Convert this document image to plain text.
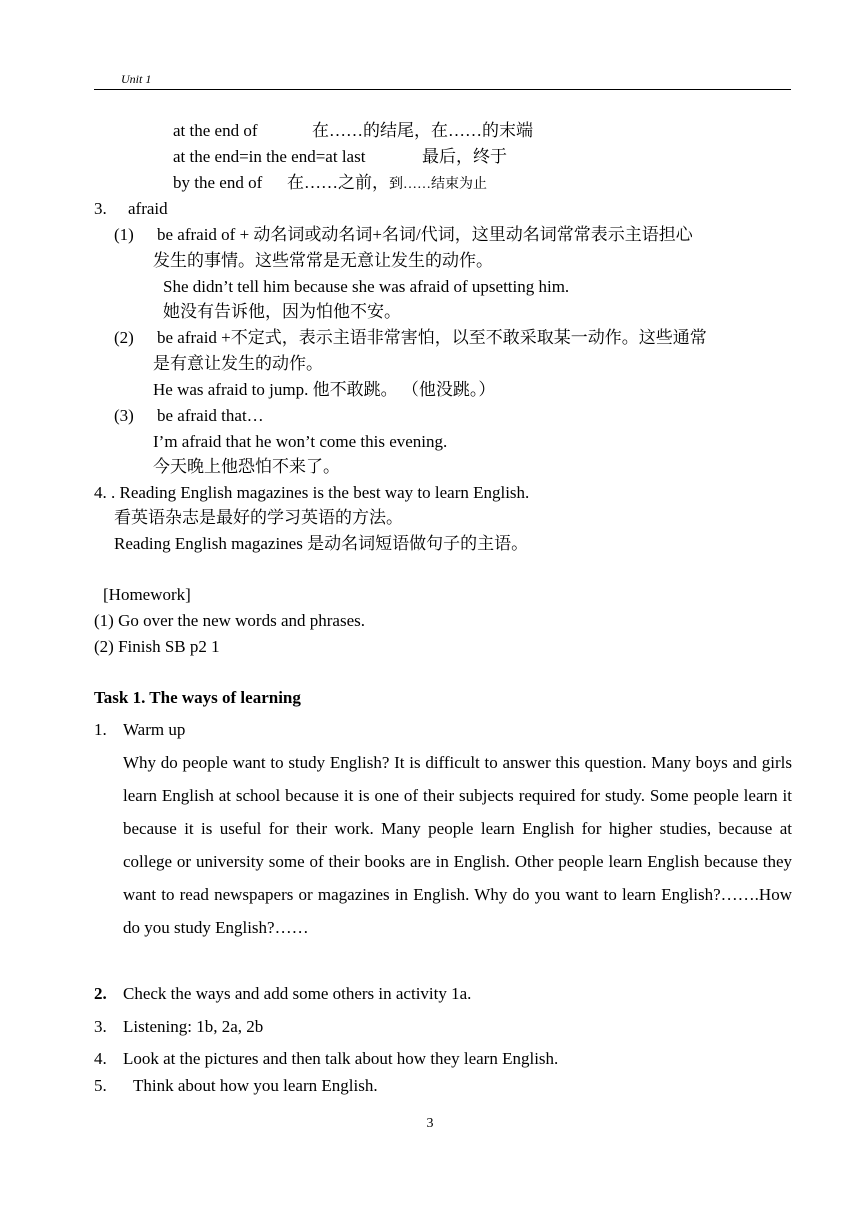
Unit 1
at the end of	在……的结尾，在……的末端
at the end=in the end=at last	最后，终于
by the end of 在……之前，到……结束为止
3. afraid
(1) be afraid of + 动名词或动名词+名词/代词，这里动名词常常表示主语担心
发生的事情。这些常常是无意让发生的动作。
She didn’t tell him because she was afraid of upsetting him.
她没有告诉他，因为怕他不安。
(2) be afraid +不定式，表示主语非常害怕，以至不敢采取某一动作。这些通常
是有意让发生的动作。
He was afraid to jump. 他不敢跳。 （他没跳。）
(3) be afraid that…
I’m afraid that he won’t come this evening.
今天晚上他恐怕不来了。
4. . Reading English magazines is the best way to learn English.
看英语杂志是最好的学习英语的方法。
Reading English magazines 是动名词短语做句子的主语。
[Homework]
(1) Go over the new words and phrases.
(2) Finish SB p2 1
Task 1. The ways of learning
1. Warm up
Why do people want to study English? It is difficult to answer this question. Many boys and girls learn English at school because it is one of their subjects required for study. Some people learn it because it is useful for their work. Many people learn English for higher studies, because at college or university some of their books are in English. Other people learn English because they want to read newspapers or magazines in English. Why do you want to learn English?…….How do you study English?……
2. Check the ways and add some others in activity 1a.
3. Listening: 1b, 2a, 2b
4. Look at the pictures and then talk about how they learn English.
5. Think about how you learn English.
3
